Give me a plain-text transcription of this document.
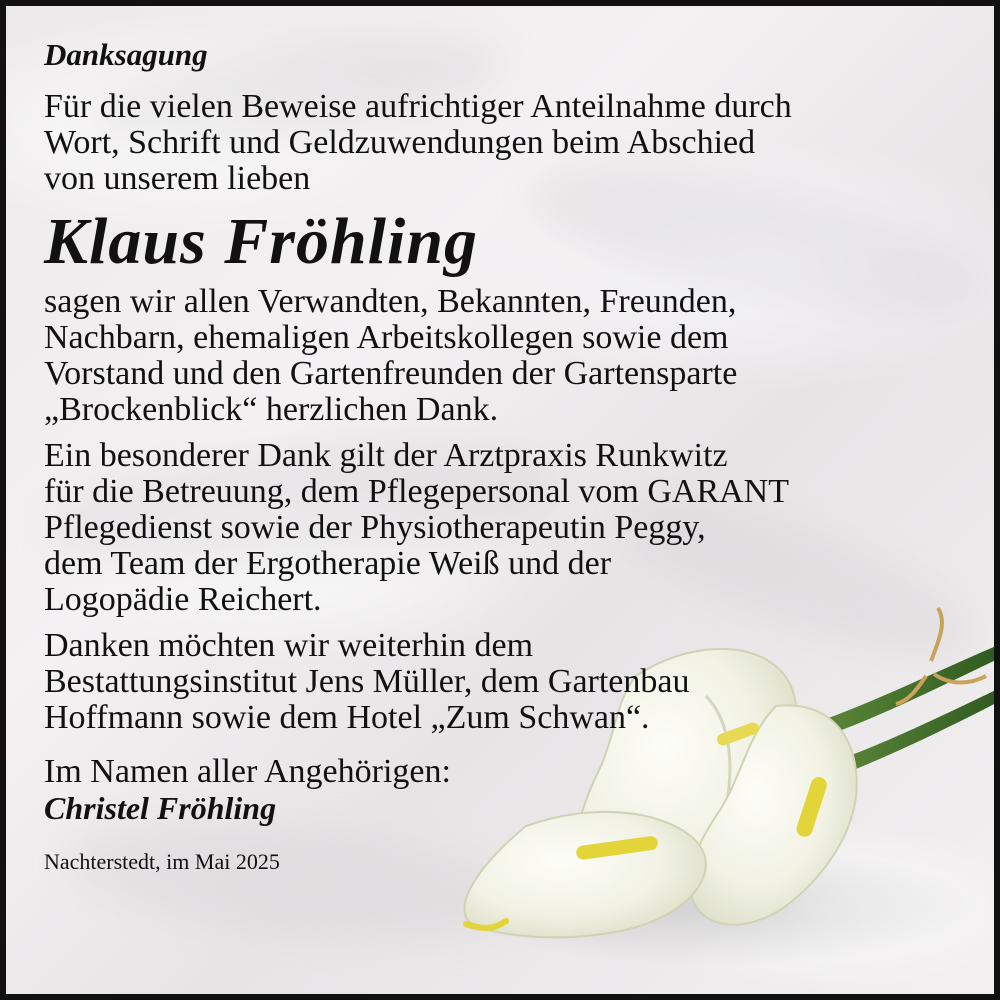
Danksagung
Für die vielen Beweise aufrichtiger Anteilnahme durch
Wort, Schrift und Geldzuwendungen beim Abschied
von unserem lieben
Klaus Fröhling
sagen wir allen Verwandten, Bekannten, Freunden,
Nachbarn, ehemaligen Arbeitskollegen sowie dem
Vorstand und den Gartenfreunden der Gartensparte
„Brockenblick“ herzlichen Dank.
Ein besonderer Dank gilt der Arztpraxis Runkwitz
für die Betreuung, dem Pflegepersonal vom GARANT
Pflegedienst sowie der Physiotherapeutin Peggy,
dem Team der Ergotherapie Weiß und der
Logopädie Reichert.
Danken möchten wir weiterhin dem
Bestattungsinstitut Jens Müller, dem Gartenbau
Hoffmann sowie dem Hotel „Zum Schwan“.
Im Namen aller Angehörigen:
Christel Fröhling
Nachterstedt, im Mai 2025
